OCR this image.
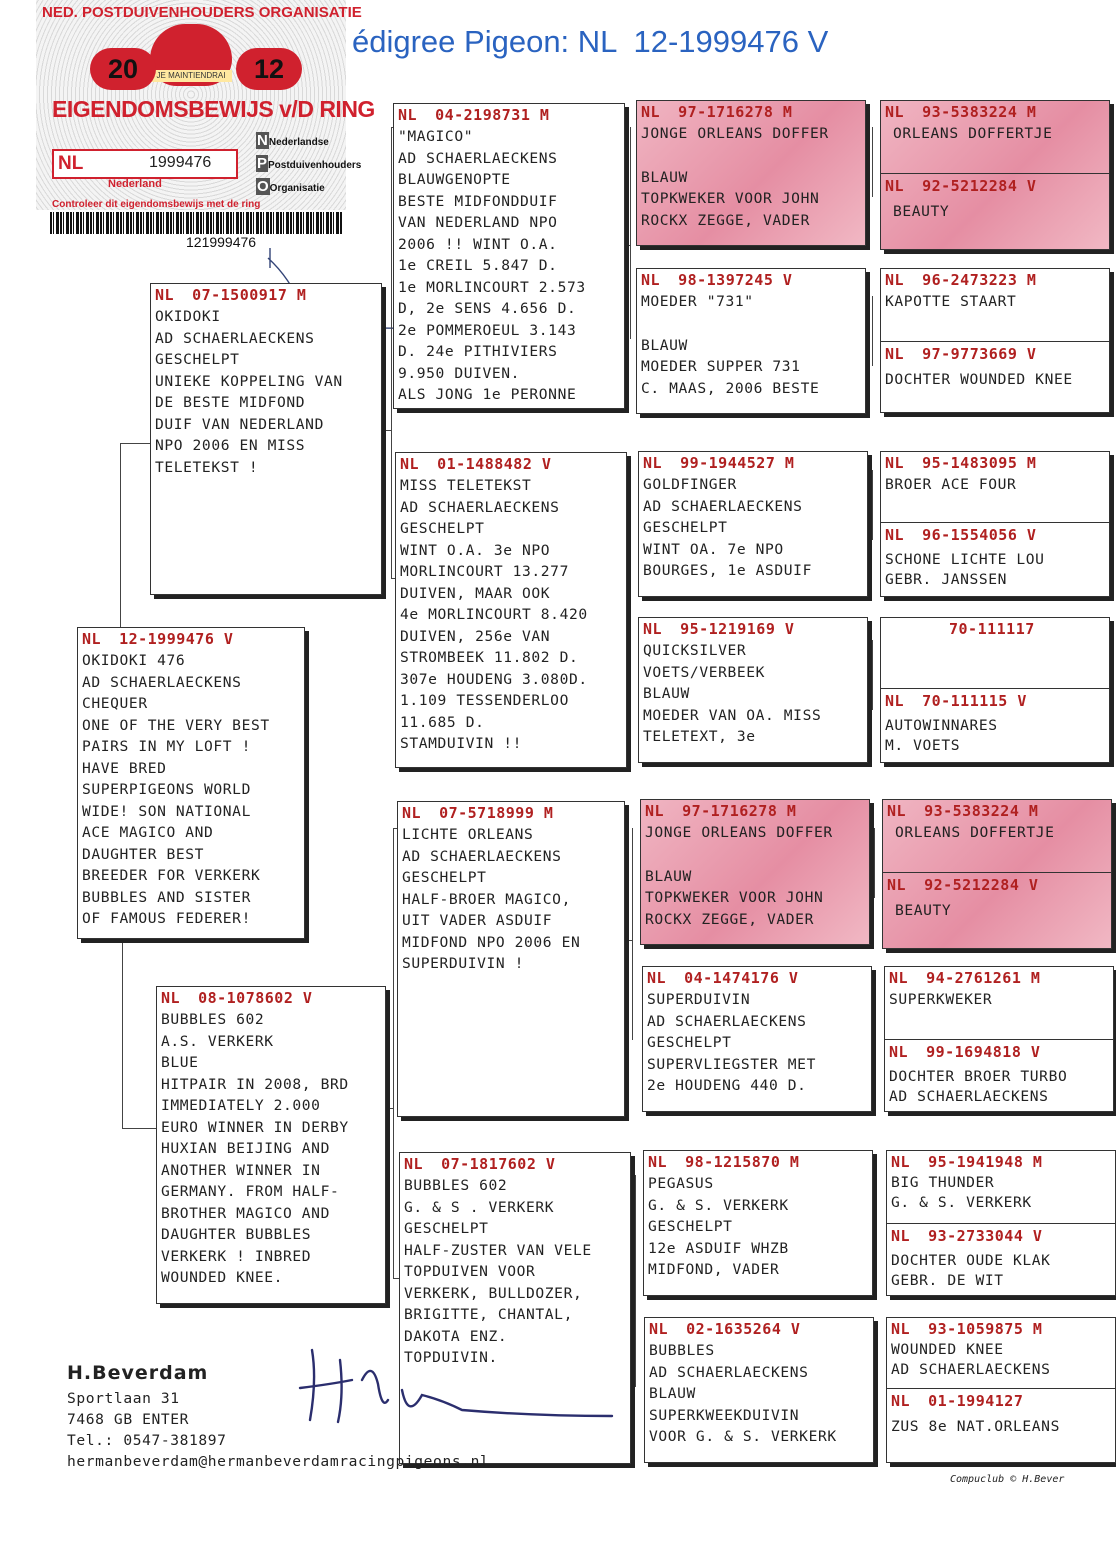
édigree Pigeon: NL  12-1999476 V
NED. POSTDUIVENHOUDERS ORGANISATIE
JE MAINTIENDRAI
20	12
EIGENDOMSBEWIJS v/D RING
NL	1999476
Nederland
NNederlandse
PPostduivenhouders
OOrganisatie
Controleer dit eigendomsbewijs met de ring
121999476
NL 12-1999476 V
OKIDOKI 476
AD SCHAERLAECKENS
CHEQUER
ONE OF THE VERY BEST
PAIRS IN MY LOFT !
HAVE BRED
SUPERPIGEONS WORLD
WIDE! SON NATIONAL
ACE MAGICO AND
DAUGHTER BEST
BREEDER FOR VERKERK
BUBBLES AND SISTER
OF FAMOUS FEDERER!
NL 07-1500917 M
OKIDOKI
AD SCHAERLAECKENS
GESCHELPT
UNIEKE KOPPELING VAN
DE BESTE MIDFOND
DUIF VAN NEDERLAND
NPO 2006 EN MISS
TELETEKST !
NL 08-1078602 V
BUBBLES 602
A.S. VERKERK
BLUE
HITPAIR IN 2008, BRD
IMMEDIATELY 2.000
EURO WINNER IN DERBY
HUXIAN BEIJING AND
ANOTHER WINNER IN
GERMANY. FROM HALF-
BROTHER MAGICO AND
DAUGHTER BUBBLES
VERKERK ! INBRED
WOUNDED KNEE.
NL 04-2198731 M
"MAGICO"
AD SCHAERLAECKENS
BLAUWGENOPTE
BESTE MIDFONDDUIF
VAN NEDERLAND NPO
2006 !! WINT O.A.
1e CREIL 5.847 D.
1e MORLINCOURT 2.573
D, 2e SENS 4.656 D.
2e POMMEROEUL 3.143
D. 24e PITHIVIERS
9.950 DUIVEN.
ALS JONG 1e PERONNE
NL 01-1488482 V
MISS TELETEKST
AD SCHAERLAECKENS
GESCHELPT
WINT O.A. 3e NPO
MORLINCOURT 13.277
DUIVEN, MAAR OOK
4e MORLINCOURT 8.420
DUIVEN, 256e VAN
STROMBEEK 11.802 D.
307e HOUDENG 3.080D.
1.109 TESSENDERLOO
11.685 D.
STAMDUIVIN !!
NL 07-5718999 M
LICHTE ORLEANS
AD SCHAERLAECKENS
GESCHELPT
HALF-BROER MAGICO,
UIT VADER ASDUIF
MIDFOND NPO 2006 EN
SUPERDUIVIN !
NL 07-1817602 V
BUBBLES 602
G. & S . VERKERK
GESCHELPT
HALF-ZUSTER VAN VELE
TOPDUIVEN VOOR
VERKERK, BULLDOZER,
BRIGITTE, CHANTAL,
DAKOTA ENZ.
TOPDUIVIN.
NL 97-1716278 M
JONGE ORLEANS DOFFER
BLAUW
TOPKWEKER VOOR JOHN
ROCKX ZEGGE, VADER
NL 98-1397245 V
MOEDER "731"
BLAUW
MOEDER SUPPER 731
C. MAAS, 2006 BESTE
NL 99-1944527 M
GOLDFINGER
AD SCHAERLAECKENS
GESCHELPT
WINT OA. 7e NPO
BOURGES, 1e ASDUIF
NL 95-1219169 V
QUICKSILVER
VOETS/VERBEEK
BLAUW
MOEDER VAN OA. MISS
TELETEXT, 3e
NL 97-1716278 M
JONGE ORLEANS DOFFER
BLAUW
TOPKWEKER VOOR JOHN
ROCKX ZEGGE, VADER
NL 04-1474176 V
SUPERDUIVIN
AD SCHAERLAECKENS
GESCHELPT
SUPERVLIEGSTER MET
2e HOUDENG 440 D.
NL 98-1215870 M
PEGASUS
G. & S. VERKERK
GESCHELPT
12e ASDUIF WHZB
MIDFOND, VADER
NL 02-1635264 V
BUBBLES
AD SCHAERLAECKENS
BLAUW
SUPERKWEEKDUIVIN
VOOR G. & S. VERKERK
NL 93-5383224 M
ORLEANS DOFFERTJE
NL 92-5212284 V
BEAUTY
NL 96-2473223 M
KAPOTTE STAART
NL 97-9773669 V
DOCHTER WOUNDED KNEE
NL 95-1483095 M
BROER ACE FOUR
NL 96-1554056 V
SCHONE LICHTE LOU
GEBR. JANSSEN
70-111117
NL 70-111115 V
AUTOWINNARES
M. VOETS
NL 93-5383224 M
ORLEANS DOFFERTJE
NL 92-5212284 V
BEAUTY
NL 94-2761261 M
SUPERKWEKER
NL 99-1694818 V
DOCHTER BROER TURBO
AD SCHAERLAECKENS
NL 95-1941948 M
BIG THUNDER
G. & S. VERKERK
NL 93-2733044 V
DOCHTER OUDE KLAK
GEBR. DE WIT
NL 93-1059875 M
WOUNDED KNEE
AD SCHAERLAECKENS
NL 01-1994127
ZUS 8e NAT.ORLEANS
H.Beverdam
Sportlaan 31
7468 GB ENTER
Tel.: 0547-381897
hermanbeverdam@hermanbeverdamracingpigeons.nl
Compuclub © H.Bever
